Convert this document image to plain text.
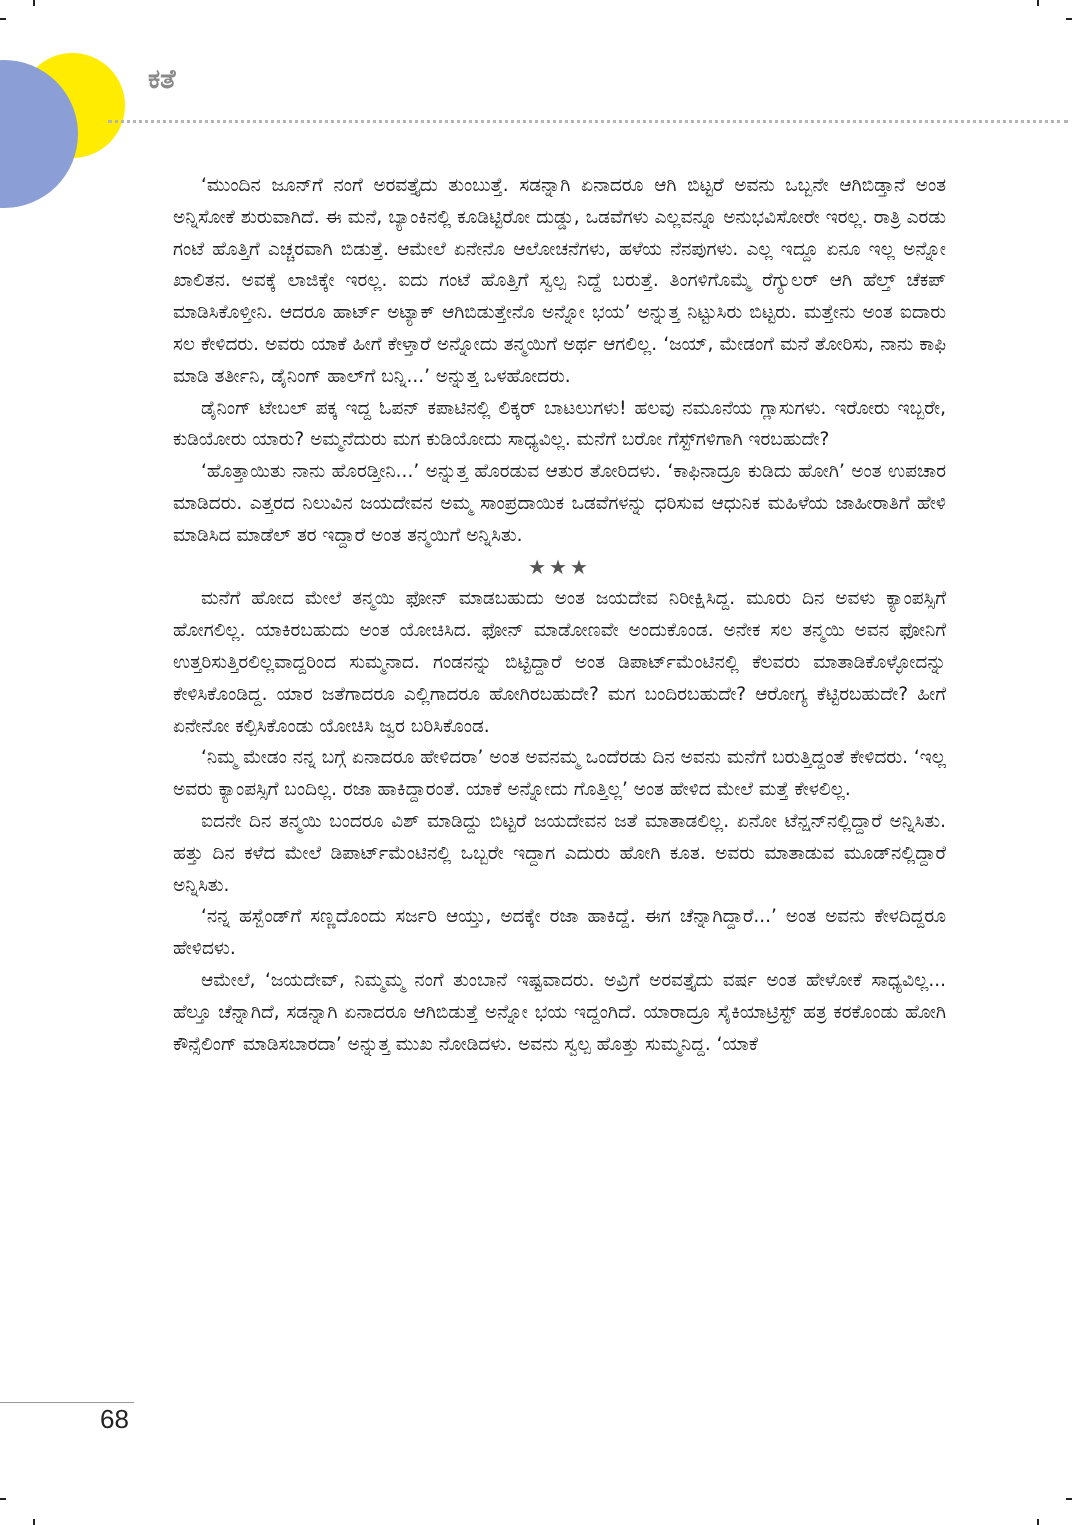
ಕತೆ

‘ಮುಂದಿನ ಜೂನ್‌ಗೆ ನಂಗೆ ಅರವತ್ತೈದು ತುಂಬುತ್ತೆ. ಸಡನ್ನಾಗಿ ಏನಾದರೂ ಆಗಿ ಬಿಟ್ಟರೆ ಅವನು ಒಬ್ಬನೇ ಆಗಿಬಿಡ್ತಾನೆ ಅಂತ ಅನ್ನಿಸೋಕೆ ಶುರುವಾಗಿದೆ. ಈ ಮನೆ, ಬ್ಯಾಂಕಿನಲ್ಲಿ ಕೂಡಿಟ್ಟಿರೋ ದುಡ್ಡು, ಒಡವೆಗಳು ಎಲ್ಲವನ್ನೂ ಅನುಭವಿಸೋರೇ ಇರಲ್ಲ. ರಾತ್ರಿ ಎರಡು ಗಂಟೆ ಹೊತ್ತಿಗೆ ಎಚ್ಚರವಾಗಿ ಬಿಡುತ್ತೆ. ಆಮೇಲೆ ಏನೇನೊ ಆಲೋಚನೆಗಳು, ಹಳೆಯ ನೆನಪುಗಳು. ಎಲ್ಲ ಇದ್ದೂ ಏನೂ ಇಲ್ಲ ಅನ್ನೋ ಖಾಲಿತನ. ಅವಕ್ಕೆ ಲಾಜಿಕ್ಕೇ ಇರಲ್ಲ. ಐದು ಗಂಟೆ ಹೊತ್ತಿಗೆ ಸ್ವಲ್ಪ ನಿದ್ದೆ ಬರುತ್ತೆ. ತಿಂಗಳಿಗೊಮ್ಮೆ ರೆಗ್ಯುಲರ್ ಆಗಿ ಹೆಲ್ತ್ ಚೆಕಪ್ ಮಾಡಿಸಿಕೊಳ್ತೀನಿ. ಆದರೂ ಹಾರ್ಟ್ ಅಟ್ಯಾಕ್ ಆಗಿಬಿಡುತ್ತೇನೊ ಅನ್ನೋ ಭಯ’ ಅನ್ನುತ್ತ ನಿಟ್ಟುಸಿರು ಬಿಟ್ಟರು. ಮತ್ತೇನು ಅಂತ ಐದಾರು ಸಲ ಕೇಳಿದರು. ಅವರು ಯಾಕೆ ಹೀಗೆ ಕೇಳ್ತಾರೆ ಅನ್ನೋದು ತನ್ಮಯಿಗೆ ಅರ್ಥ ಆಗಲಿಲ್ಲ. ‘ಜಯ್, ಮೇಡಂಗೆ ಮನೆ ತೋರಿಸು, ನಾನು ಕಾಫಿ ಮಾಡಿ ತರ್ತೀನಿ, ಡೈನಿಂಗ್ ಹಾಲ್‌ಗೆ ಬನ್ನಿ...’ ಅನ್ನುತ್ತ ಒಳಹೋದರು.

ಡೈನಿಂಗ್ ಟೇಬಲ್ ಪಕ್ಕ ಇದ್ದ ಓಪನ್ ಕಪಾಟಿನಲ್ಲಿ ಲಿಕ್ಕರ್ ಬಾಟಲುಗಳು! ಹಲವು ನಮೂನೆಯ ಗ್ಲಾಸುಗಳು. ಇರೋರು ಇಬ್ಬರೇ, ಕುಡಿಯೋರು ಯಾರು? ಅಮ್ಮನೆದುರು ಮಗ ಕುಡಿಯೋದು ಸಾಧ್ಯವಿಲ್ಲ. ಮನೆಗೆ ಬರೋ ಗೆಸ್ಟ್‌ಗಳಿಗಾಗಿ ಇರಬಹುದೇ?

‘ಹೊತ್ತಾಯಿತು ನಾನು ಹೊರಡ್ತೀನಿ...’ ಅನ್ನುತ್ತ ಹೊರಡುವ ಆತುರ ತೋರಿದಳು. ‘ಕಾಫಿನಾದ್ರೂ ಕುಡಿದು ಹೋಗಿ’ ಅಂತ ಉಪಚಾರ ಮಾಡಿದರು. ಎತ್ತರದ ನಿಲುವಿನ ಜಯದೇವನ ಅಮ್ಮ ಸಾಂಪ್ರದಾಯಿಕ ಒಡವೆಗಳನ್ನು ಧರಿಸುವ ಆಧುನಿಕ ಮಹಿಳೆಯ ಜಾಹೀರಾತಿಗೆ ಹೇಳಿ ಮಾಡಿಸಿದ ಮಾಡೆಲ್ ತರ ಇದ್ದಾರೆ ಅಂತ ತನ್ಮಯಿಗೆ ಅನ್ನಿಸಿತು.

★★★

ಮನೆಗೆ ಹೋದ ಮೇಲೆ ತನ್ಮಯಿ ಫೋನ್ ಮಾಡಬಹುದು ಅಂತ ಜಯದೇವ ನಿರೀಕ್ಷಿಸಿದ್ದ. ಮೂರು ದಿನ ಅವಳು ಕ್ಯಾಂಪಸ್ಸಿಗೆ ಹೋಗಲಿಲ್ಲ. ಯಾಕಿರಬಹುದು ಅಂತ ಯೋಚಿಸಿದ. ಫೋನ್ ಮಾಡೋಣವೇ ಅಂದುಕೊಂಡ. ಅನೇಕ ಸಲ ತನ್ಮಯಿ ಅವನ ಫೋನಿಗೆ ಉತ್ತರಿಸುತ್ತಿರಲಿಲ್ಲವಾದ್ದರಿಂದ ಸುಮ್ಮನಾದ. ಗಂಡನನ್ನು ಬಿಟ್ಟಿದ್ದಾರೆ ಅಂತ ಡಿಪಾರ್ಟ್‌ಮೆಂಟಿನಲ್ಲಿ ಕೆಲವರು ಮಾತಾಡಿಕೊಳ್ಳೋದನ್ನು ಕೇಳಿಸಿಕೊಂಡಿದ್ದ. ಯಾರ ಜತೆಗಾದರೂ ಎಲ್ಲಿಗಾದರೂ ಹೋಗಿರಬಹುದೇ? ಮಗ ಬಂದಿರಬಹುದೇ? ಆರೋಗ್ಯ ಕೆಟ್ಟಿರಬಹುದೇ? ಹೀಗೆ ಏನೇನೋ ಕಲ್ಪಿಸಿಕೊಂಡು ಯೋಚಿಸಿ ಜ್ವರ ಬರಿಸಿಕೊಂಡ.

‘ನಿಮ್ಮ ಮೇಡಂ ನನ್ನ ಬಗ್ಗೆ ಏನಾದರೂ ಹೇಳಿದರಾ’ ಅಂತ ಅವನಮ್ಮ ಒಂದೆರಡು ದಿನ ಅವನು ಮನೆಗೆ ಬರುತ್ತಿದ್ದಂತೆ ಕೇಳಿದರು. ‘ಇಲ್ಲ ಅವರು ಕ್ಯಾಂಪಸ್ಸಿಗೆ ಬಂದಿಲ್ಲ. ರಜಾ ಹಾಕಿದ್ದಾರಂತೆ. ಯಾಕೆ ಅನ್ನೋದು ಗೊತ್ತಿಲ್ಲ’ ಅಂತ ಹೇಳಿದ ಮೇಲೆ ಮತ್ತೆ ಕೇಳಲಿಲ್ಲ.

ಐದನೇ ದಿನ ತನ್ಮಯಿ ಬಂದರೂ ವಿಶ್ ಮಾಡಿದ್ದು ಬಿಟ್ಟರೆ ಜಯದೇವನ ಜತೆ ಮಾತಾಡಲಿಲ್ಲ. ಏನೋ ಟೆನ್ಷನ್‌ನಲ್ಲಿದ್ದಾರೆ ಅನ್ನಿಸಿತು. ಹತ್ತು ದಿನ ಕಳೆದ ಮೇಲೆ ಡಿಪಾರ್ಟ್‌ಮೆಂಟಿನಲ್ಲಿ ಒಬ್ಬರೇ ಇದ್ದಾಗ ಎದುರು ಹೋಗಿ ಕೂತ. ಅವರು ಮಾತಾಡುವ ಮೂಡ್‌ನಲ್ಲಿದ್ದಾರೆ ಅನ್ನಿಸಿತು.

‘ನನ್ನ ಹಸ್ಬೆಂಡ್‌ಗೆ ಸಣ್ಣದೊಂದು ಸರ್ಜರಿ ಆಯ್ತು, ಅದಕ್ಕೇ ರಜಾ ಹಾಕಿದ್ದೆ. ಈಗ ಚೆನ್ನಾಗಿದ್ದಾರೆ...’ ಅಂತ ಅವನು ಕೇಳದಿದ್ದರೂ ಹೇಳಿದಳು.

ಆಮೇಲೆ, ‘ಜಯದೇವ್, ನಿಮ್ಮಮ್ಮ ನಂಗೆ ತುಂಬಾನೆ ಇಷ್ಟವಾದರು. ಅವ್ರಿಗೆ ಅರವತ್ತೈದು ವರ್ಷ ಅಂತ ಹೇಳೋಕೆ ಸಾಧ್ಯವಿಲ್ಲ... ಹೆಲ್ತೂ ಚೆನ್ನಾಗಿದೆ, ಸಡನ್ನಾಗಿ ಏನಾದರೂ ಆಗಿಬಿಡುತ್ತೆ ಅನ್ನೋ ಭಯ ಇದ್ದಂಗಿದೆ. ಯಾರಾದ್ರೂ ಸೈಕಿಯಾಟ್ರಿಸ್ಟ್ ಹತ್ರ ಕರಕೊಂಡು ಹೋಗಿ ಕೌನ್ಸೆಲಿಂಗ್ ಮಾಡಿಸಬಾರದಾ’ ಅನ್ನುತ್ತ ಮುಖ ನೋಡಿದಳು. ಅವನು ಸ್ವಲ್ಪ ಹೊತ್ತು ಸುಮ್ಮನಿದ್ದ. ‘ಯಾಕೆ

68
